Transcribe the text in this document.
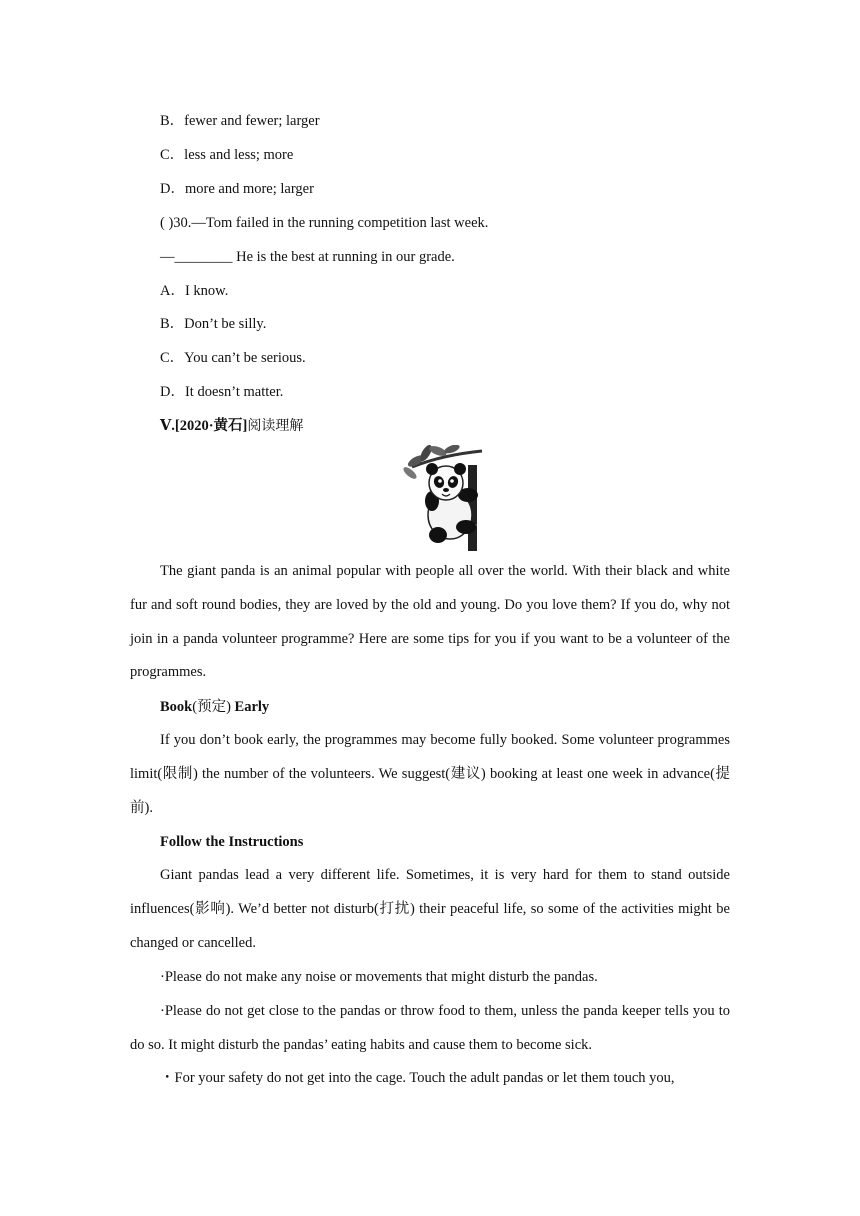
B．fewer and fewer; larger
C．less and less; more
D．more and more; larger
( )30.—Tom failed in the running competition last week.
—________ He is the best at running in our grade.
A．I know.
B．Don’t be silly.
C．You can’t be serious.
D．It doesn’t matter.
Ⅴ.[2020·黄石]阅读理解
The giant panda is an animal popular with people all over the world. With their black and white fur and soft round bodies, they are loved by the old and young. Do you love them? If you do, why not join in a panda volunteer programme? Here are some tips for you if you want to be a volunteer of the programmes.
Book(预定) Early
If you don’t book early, the programmes may become fully booked. Some volunteer programmes limit(限制) the number of the volunteers. We suggest(建议) booking at least one week in advance(提前).
Follow the Instructions
Giant pandas lead a very different life. Sometimes, it is very hard for them to stand outside influences(影响). We’d better not disturb(打扰) their peaceful life, so some of the activities might be changed or cancelled.
·Please do not make any noise or movements that might disturb the pandas.
·Please do not get close to the pandas or throw food to them, unless the panda keeper tells you to do so. It might disturb the pandas’ eating habits and cause them to become sick.
・For your safety do not get into the cage. Touch the adult pandas or let them touch you,
